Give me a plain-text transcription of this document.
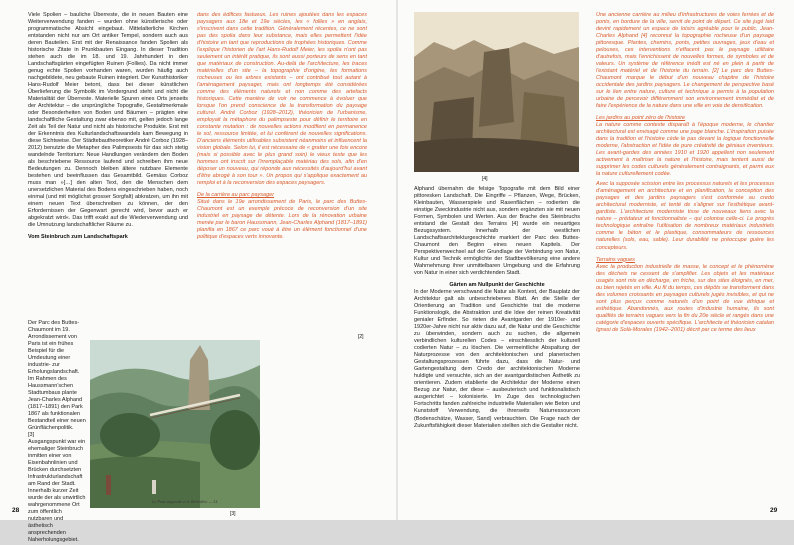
Viele Spolien – bauliche Überreste, die in neuen Bauten eine Weiterverwendung fanden – wurden ohne künstlerische oder programmatische Absicht eingebaut. Mittelalterliche Kirchen entstanden nicht nur am Ort antiker Tempel, sondern auch aus deren Bauteilen. Erst mit der Renaissance fanden Spolien als historische Zitate in Prunkbauten Eingang. In dieser Tradition stehen auch die im 18. und 19. Jahrhundert in den Landschaftsgärten eingefügten Ruinen (Follies). Da nicht immer genug echte Spolien vorhanden waren, wurden häufig auch nachgebildete, neu gebaute Ruinen integriert. Der Kunsthistoriker Hans-Rudolf Meier betont, dass bei dieser künstlichen Überlieferung die Symbolik im Vordergrund steht und nicht die Materialität der Überreste. Materielle Spuren eines Orts jenseits der Architektur – die ursprüngliche Topografie, Gestaltmerkmale oder Besonderheiten von Boden und Bäumen – prägten eine landschaftliche Gestaltung zwar ebenso mit, gelten jedoch lange Zeit als Teil der Natur und nicht als historische Produkte. Erst mit der Erkenntnis des Kulturlandschaftswandels kam Bewegung in diese Sichtweise. Der Städtebautheoretiker André Corboz (1928–2012) benutzte die Metapher des Palimpsests für das sich stetig wandelnde Territorium: Neue Handlungen verändern den Boden als beschriebene Ressource laufend und schreiben ihm neue Bedeutungen zu. Dennoch bleiben ältere nutzbare Elemente bestehen und beeinflussen das Gesamtbild. Gemäss Corboz muss man »[…] den alten Text, den die Menschen dem unersetzlichen Material des Bodens eingeschrieben haben, noch einmal (und mit möglichst grosser Sorgfalt) abkratzen, um ihn mit einem neuen Text überschreiben zu können, der den Erfordernissen der Gegenwart gerecht wird, bevor auch er abgekratzt wird«. Das trifft exakt auf die Wiederverwendung und die Umnutzung landschaftlicher Räume zu.

Vom Steinbruch zum Landschaftspark

Der Parc des Buttes-Chaumont im 19. Arrondissement von Paris ist ein frühes Beispiel für die Umdeutung einer industrie- zur Erholungslandschaft. Im Rahmen des Haussmann'schen Stadtumbaus plante Jean-Charles Alphand (1817–1891) den Park 1867 als funktionalen Bestandteil einer neuen Grünflächenpolitik.

[3]

Ausgangspunkt war ein ehemaliger Steinbruch inmitten einer von Eisenbahnlinien und Brücken durchsetzten Infrastrukturlandschaft am Rand der Stadt. Innerhalb kurzer Zeit wurde der als unwirtlich wahrgenommene Ort zum öffentlich nutzbaren und ästhetisch ansprechenden Naherholungsgebiet.

dans des édifices fastueux. Les ruines ajoutées dans les espaces paysagers aux 18e et 19e siècles, les « follies » en anglais, s'inscrivent dans cette tradition. Généralement récentes, ce ne sont pas des spolia dans leur substance, mais elles permettent l'idée d'histoire en tant que reproductions de trophées historiques. Comme l'explique l'historien de l'art Hans-Rudolf Meier, les spolia n'ont pas seulement un intérêt pratique, ils sont aussi porteurs de sens en tant que matériaux de construction. Au-delà de l'architecture, les traces matérielles d'un site – la topographie d'origine, les formations rocheuses ou les arbres existants – ont contribué tout autant à l'aménagement paysager, mais ont longtemps été considérées comme des éléments naturels et non comme des artefacts historiques. Cette manière de voir ne commence à évoluer que lorsque l'on prend conscience de la transformation du paysage culturel. André Corboz (1928–2012), théoricien de l'urbanisme, employait la métaphore du palimpseste pour définir le territoire en constante mutation : de nouvelles actions modifient en permanence le sol, ressource limitée, et lui confèrent de nouvelles significations. D'anciens éléments utilisables subsistent néanmoins et influencent la vision globale. Selon lui, il est nécessaire de « gratter une fois encore (mais si possible avec le plus grand soin) le vieux texte que les hommes ont inscrit sur l'irremplaçable matériau des sols, afin d'en déposer un nouveau, qui réponde aux nécessités d'aujourd'hui avant d'être abrogé à son tour ». Un propos qui s'applique exactement au remploi et à la reconversion des espaces paysagers.

De la carrière au parc paysager

Situé dans le 19e arrondissement de Paris, le parc des Buttes-Chaumont est un exemple précoce de reconversion d'un site industriel en paysage de détente. Lors de la rénovation urbaine menée par le baron Haussmann, Jean-Charles Alphand (1817–1891) planifia en 1867 ce parc voué à être un élément fonctionnel d'une politique d'espaces verts innovante.

[2]
Le Pont suspendu et le Belvédère — LL
[3]
28
[4]

Alphand übernahm die felsige Topografie mit dem Bild einer pittoresken Landschaft. Die Eingriffe – Pflanzen, Wege, Brücken, Kleinbauten, Wasserspiele und Rasenflächen – rodierten die einstige Zweckindustrie nicht aus, sondern ergänzten sie mit neuen Formen, Symbolen und Werten. Aus der Brache des Steinbruchs entstand die Gestalt des Terrains [4] wurde ein neuartiges Bezugssystem. Innerhalb der westlichen Landschaftsarchitekturgeschichte markiert der Parc des Buttes-Chaumont den Beginn eines neuen Kapitels. Der Perspektivenwechsel auf der Grundlage der Verbindung von Natur, Kultur und Technik ermöglichte der Stadtbevölkerung eine andere Wahrnehmung ihrer unmittelbaren Umgebung und die Erfahrung von Natur in einer sich verdichtenden Stadt.

Gärten am Nullpunkt der Geschichte

In der Moderne verschwand die Natur als Kontext, der Bauplatz der Architektur galt als unbeschriebenes Blatt. An die Stelle der Orientierung an Tradition und Geschichte trat die moderne Funktionslogik, die Abstraktion und die Idee der reinen Kreativität genialer Erfinder. So rieten die Avantgarden der 1910er- und 1920er-Jahre nicht nur aktiv dazu auf, die Natur und die Geschichte zu überwinden, sondern auch zu suchen, die allgemein verbindlichen kulturellen Codes – einschliesslich der kulturell codierten Natur – zu löschen. Die vermeintliche Abspaltung der Naturprozesse von den architektonischen und planerischen Gestaltungsprozessen führte dazu, dass die Natur- und Gartengestaltung dem Credo der architektonischen Moderne huldigte und versuchte, sich an der avantgardistischen Ästhetik zu orientieren. Zudem etablierte die Architektur der Moderne einen Bezug zur Natur, der diese – ausbeuterisch und funktionalistisch ausgerichtet – kolonisierte. Im Zuge des technologischen Fortschritts fanden zahlreiche industrielle Materialien wie Beton und Kunststoff Verwendung, die ihrerseits Naturressourcen (Bodenschätze, Wasser, Sand) verbrauchten. Die Frage nach der Zukunftsfähigkeit dieser Materialien stellten sich die Gestalter nicht.

Une ancienne carrière au milieu d'infrastructures de voies ferrées et de ponts, en bordure de la ville, servit de point de départ. Ce site jugé laid devint rapidement un espace de loisirs agréable pour le public. Jean-Charles Alphand [4] reconnut la topographie rocheuse d'un paysage pittoresque. Plantes, chemins, ponts, petites ouvrages, jeux d'eau et pelouses, ces interventions n'effacent pas le paysage utilitaire d'autrefois, mais l'enrichissent de nouvelles formes, de symboles et de valeurs. Un système de référence inédit est né en plein à partir de l'existant matériel et de l'historie du terrain. [2] Le parc des Buttes-Chaumont marque le début d'un nouveau chapitre de l'histoire occidentale des jardins paysagers. Le changement de perspective basé sur le lien entre nature, culture et technique a permis à la population urbaine de percevoir différemment son environnement immédiat et de faire l'expérience de la nature dans une ville en voie de densification.

Les jardins au point zéro de l'histoire

La nature comme contexte disparaît à l'époque moderne, le chantier architectural est envisagé comme une page blanche. L'inspiration puisée dans la tradition et l'histoire cède le pas devant la logique fonctionnelle moderne, l'abstraction et l'idée de pure créativité de géniaux inventeurs. Les avant-gardes des années 1910 et 1920 appellent non seulement activement à maîtriser la nature et l'histoire, mais tentent aussi de supprimer les codes culturels généralement contraignants, et parmi eux la nature culturellement codée.

Avec la supposée scission entre les processus naturels et les processus d'aménagement en architecture et en planification, la conception des paysages et des jardins paysagers s'est conformée au credo architectural moderniste, et tenté de s'aligner sur l'esthétique avant-gardiste. L'architecture moderniste tisse de nouveaux liens avec la nature – prédateur et fonctionnaliste – qui colonise celle-ci. Le progrès technologique entraîne l'utilisation de nombreux matériaux industriels comme le béton et le plastique, consommateurs de ressources naturelles (sols, eau, sable). Leur durabilité ne préoccupe guère les concepteurs.

Terrains vagues

Avec la production industrielle de masse, le concept et le phénomène des déchets ne cessent de s'amplifier. Les objets et les matériaux usagés sont mis en décharge, en friche, sur des sites éloignés, en mer, ou bien rejetés en ville. Au fil du temps, ces dépôts se transforment dans des volumes croissants en paysages culturels jugés invisibles, et qui ne sont plus perçus comme naturels d'un point de vue éthique et esthétique. Abandonnés, aux routes d'industrie humaine, ils sont qualifiés de terrains vagues vers la fin du 20e siècle et rangés dans une catégorie d'espaces ouverts spécifique. L'architecte et théoricien catalan Ignasi de Solà-Morales (1942–2001) décrit par ce terme des lieux

29
